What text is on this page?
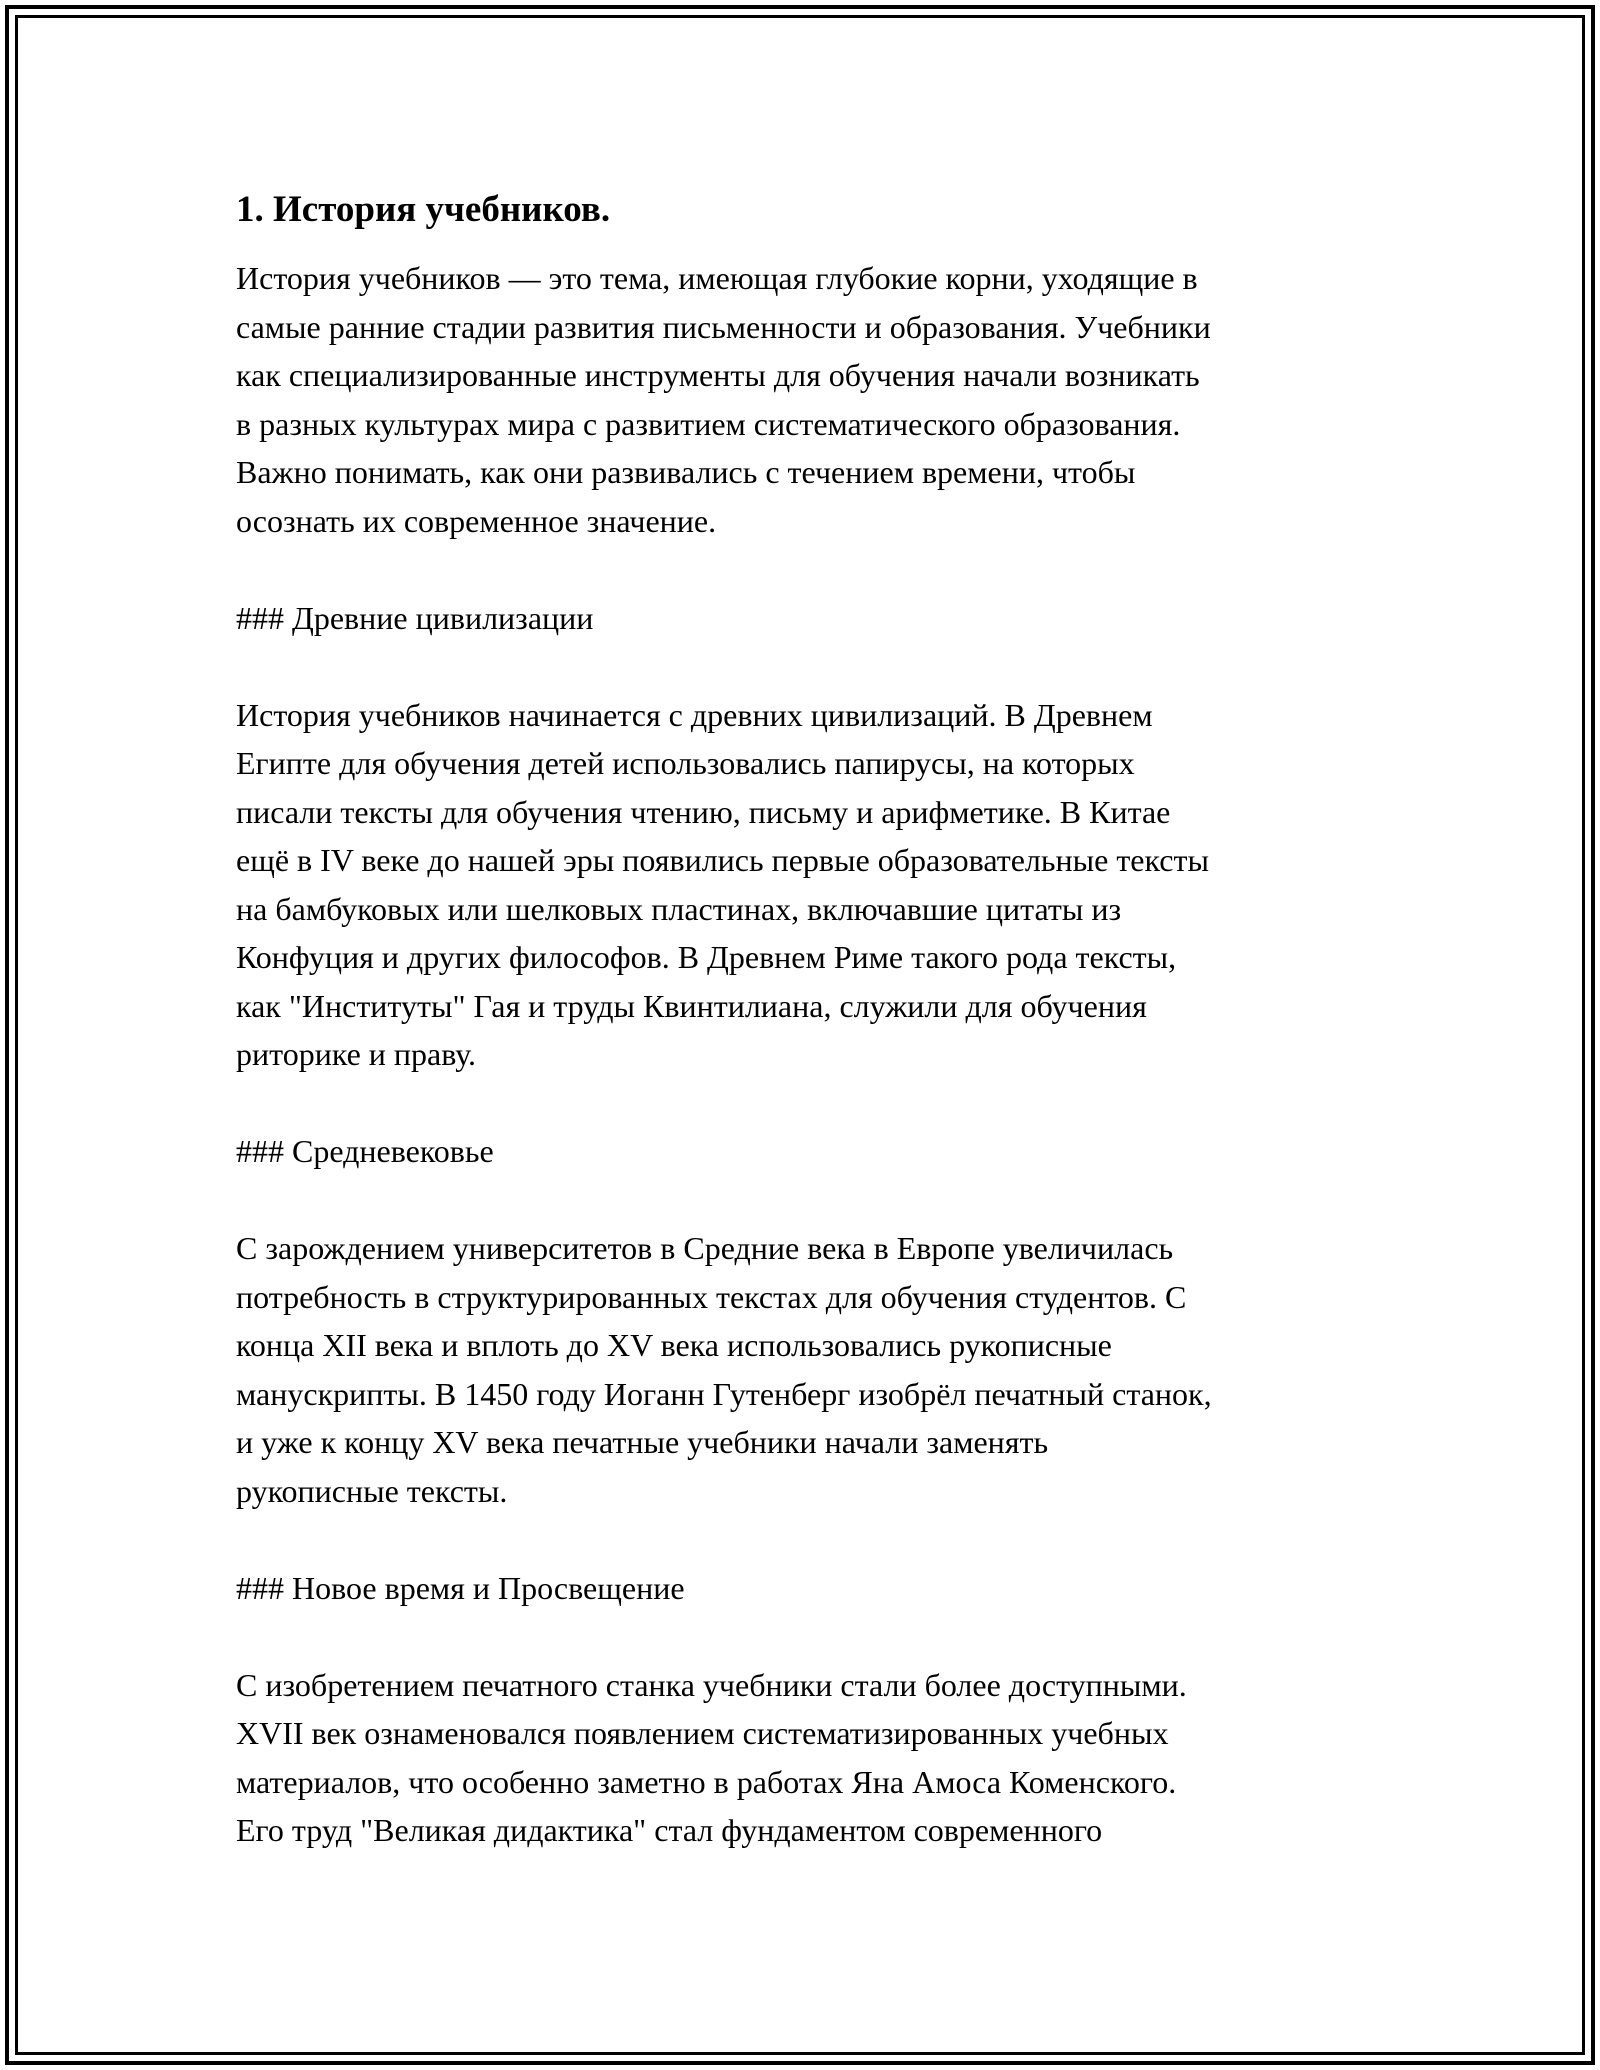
1. История учебников.

История учебников — это тема, имеющая глубокие корни, уходящие в
самые ранние стадии развития письменности и образования. Учебники
как специализированные инструменты для обучения начали возникать
в разных культурах мира с развитием систематического образования.
Важно понимать, как они развивались с течением времени, чтобы
осознать их современное значение.

### Древние цивилизации

История учебников начинается с древних цивилизаций. В Древнем
Египте для обучения детей использовались папирусы, на которых
писали тексты для обучения чтению, письму и арифметике. В Китае
ещё в IV веке до нашей эры появились первые образовательные тексты
на бамбуковых или шелковых пластинах, включавшие цитаты из
Конфуция и других философов. В Древнем Риме такого рода тексты,
как "Институты" Гая и труды Квинтилиана, служили для обучения
риторике и праву.

### Средневековье

С зарождением университетов в Средние века в Европе увеличилась
потребность в структурированных текстах для обучения студентов. С
конца XII века и вплоть до XV века использовались рукописные
манускрипты. В 1450 году Иоганн Гутенберг изобрёл печатный станок,
и уже к концу XV века печатные учебники начали заменять
рукописные тексты.

### Новое время и Просвещение

С изобретением печатного станка учебники стали более доступными.
XVII век ознаменовался появлением систематизированных учебных
материалов, что особенно заметно в работах Яна Амоса Коменского.
Его труд "Великая дидактика" стал фундаментом современного
